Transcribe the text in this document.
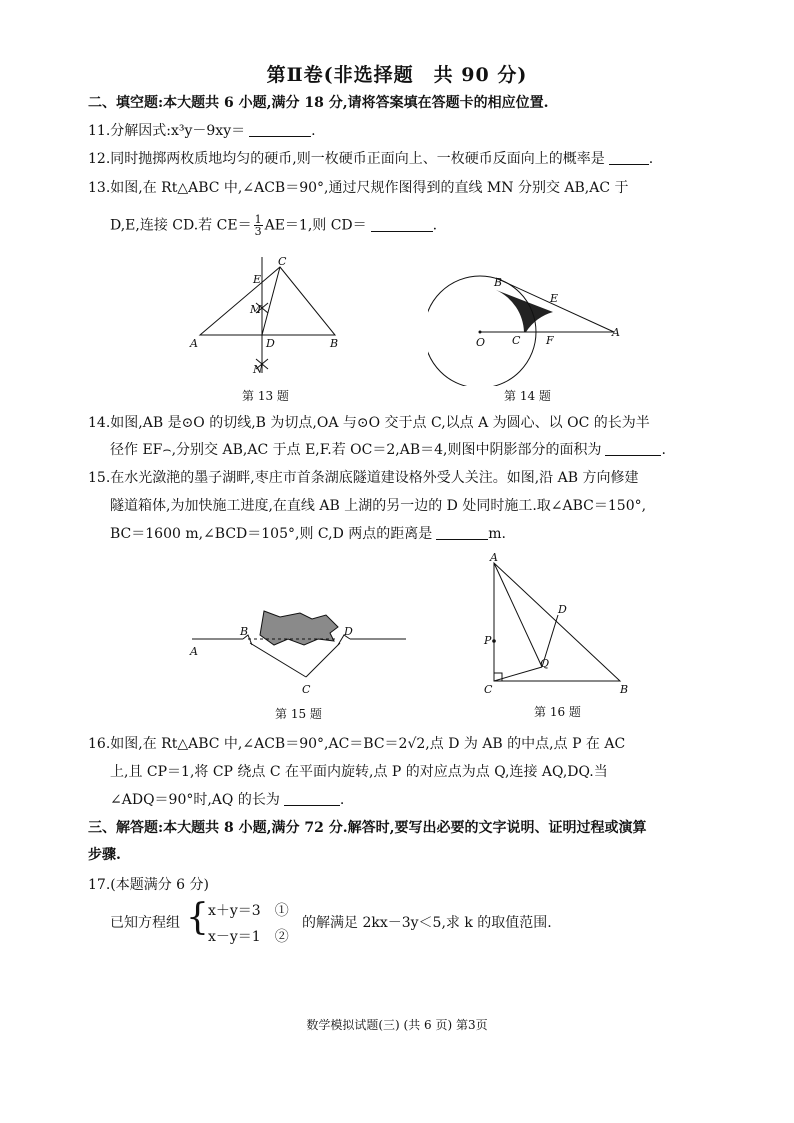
第Ⅱ卷(非选择题　共 90 分)
二、填空题:本大题共 6 小题,满分 18 分,请将答案填在答题卡的相应位置.
11.分解因式:x³y－9xy＝	.
12.同时抛掷两枚质地均匀的硬币,则一枚硬币正面向上、一枚硬币反面向上的概率是	.
13.如图,在 Rt△ABC 中,∠ACB＝90°,通过尺规作图得到的直线 MN 分别交 AB,AC 于
D,E,连接 CD.若 $CE= \frac{1}{3} AE=1$,则 CD＝	.
C
E
M
A	D	B
N
第 13 题
B
E
O C F
A
第 14 题
14.如图,AB 是⊙O 的切线,B 为切点,OA 与⊙O 交于点 C,以点 A 为圆心、以 OC 的长为半
径作 EF⌢,分别交 AB,AC 于点 E,F.若 OC＝2,AB＝4,则图中阴影部分的面积为	.
15.在水光潋滟的墨子湖畔,枣庄市首条湖底隧道建设格外受人关注。如图,沿 AB 方向修建
隧道箱体,为加快施工进度,在直线 AB 上湖的另一边的 D 处同时施工.取∠ABC＝150°,
BC＝1600 m,∠BCD＝105°,则 C,D 两点的距离是	m.
A
B	D
C
第 15 题
A
D
P
Q
C	B
第 16 题
16.如图,在 Rt△ABC 中,∠ACB＝90°,AC＝BC＝2√2,点 D 为 AB 的中点,点 P 在 AC
上,且 CP＝1,将 CP 绕点 C 在平面内旋转,点 P 的对应点为点 Q,连接 AQ,DQ.当
∠ADQ＝90°时,AQ 的长为	.
三、解答题:本大题共 8 小题,满分 72 分.解答时,要写出必要的文字说明、证明过程或演算
步骤.
17.(本题满分 6 分)
已知方程组 { x＋y＝3　①
x－y＝1　②
的解满足 2kx－3y＜5,求 k 的取值范围.
数学模拟试题(三) (共 6 页) 第3页
